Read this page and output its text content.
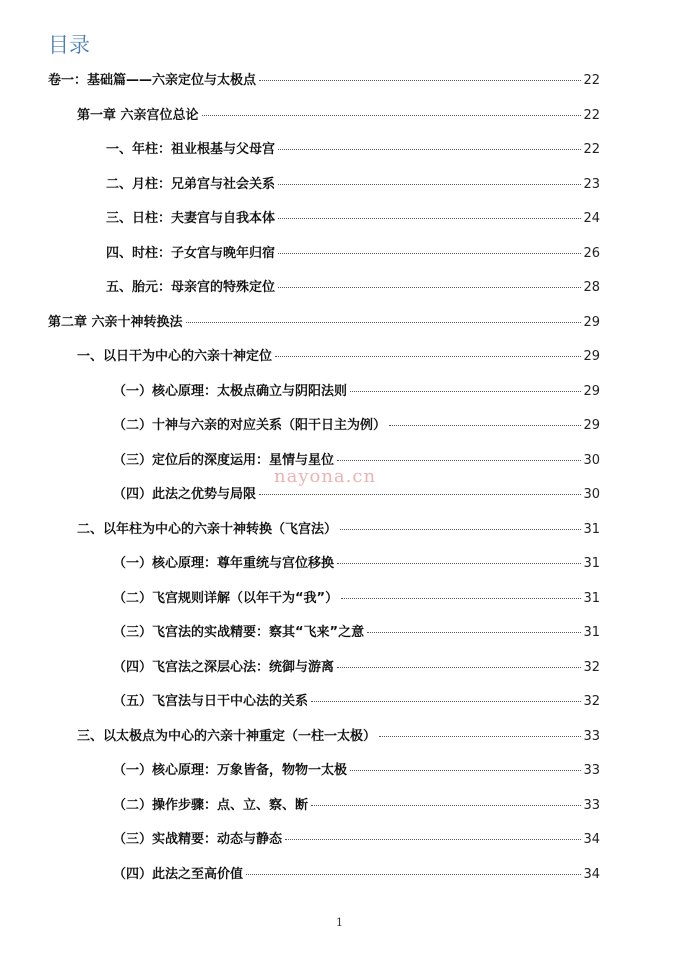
目录
卷一：基础篇——六亲定位与太极点	22
第一章 六亲宫位总论	22
一、年柱：祖业根基与父母宫	22
二、月柱：兄弟宫与社会关系	23
三、日柱：夫妻宫与自我本体	24
四、时柱：子女宫与晚年归宿	26
五、胎元：母亲宫的特殊定位	28
第二章 六亲十神转换法	29
一、以日干为中心的六亲十神定位	29
（一）核心原理：太极点确立与阴阳法则	29
（二）十神与六亲的对应关系（阳干日主为例）	29
（三）定位后的深度运用：星情与星位	30
（四）此法之优势与局限	30
二、以年柱为中心的六亲十神转换（飞宫法）	31
（一）核心原理：尊年重统与宫位移换	31
（二）飞宫规则详解（以年干为“我”）	31
（三）飞宫法的实战精要：察其“飞来”之意	31
（四）飞宫法之深层心法：统御与游离	32
（五）飞宫法与日干中心法的关系	32
三、以太极点为中心的六亲十神重定（一柱一太极）	33
（一）核心原理：万象皆备，物物一太极	33
（二）操作步骤：点、立、察、断	33
（三）实战精要：动态与静态	34
（四）此法之至高价值	34
nayona.cn
1
